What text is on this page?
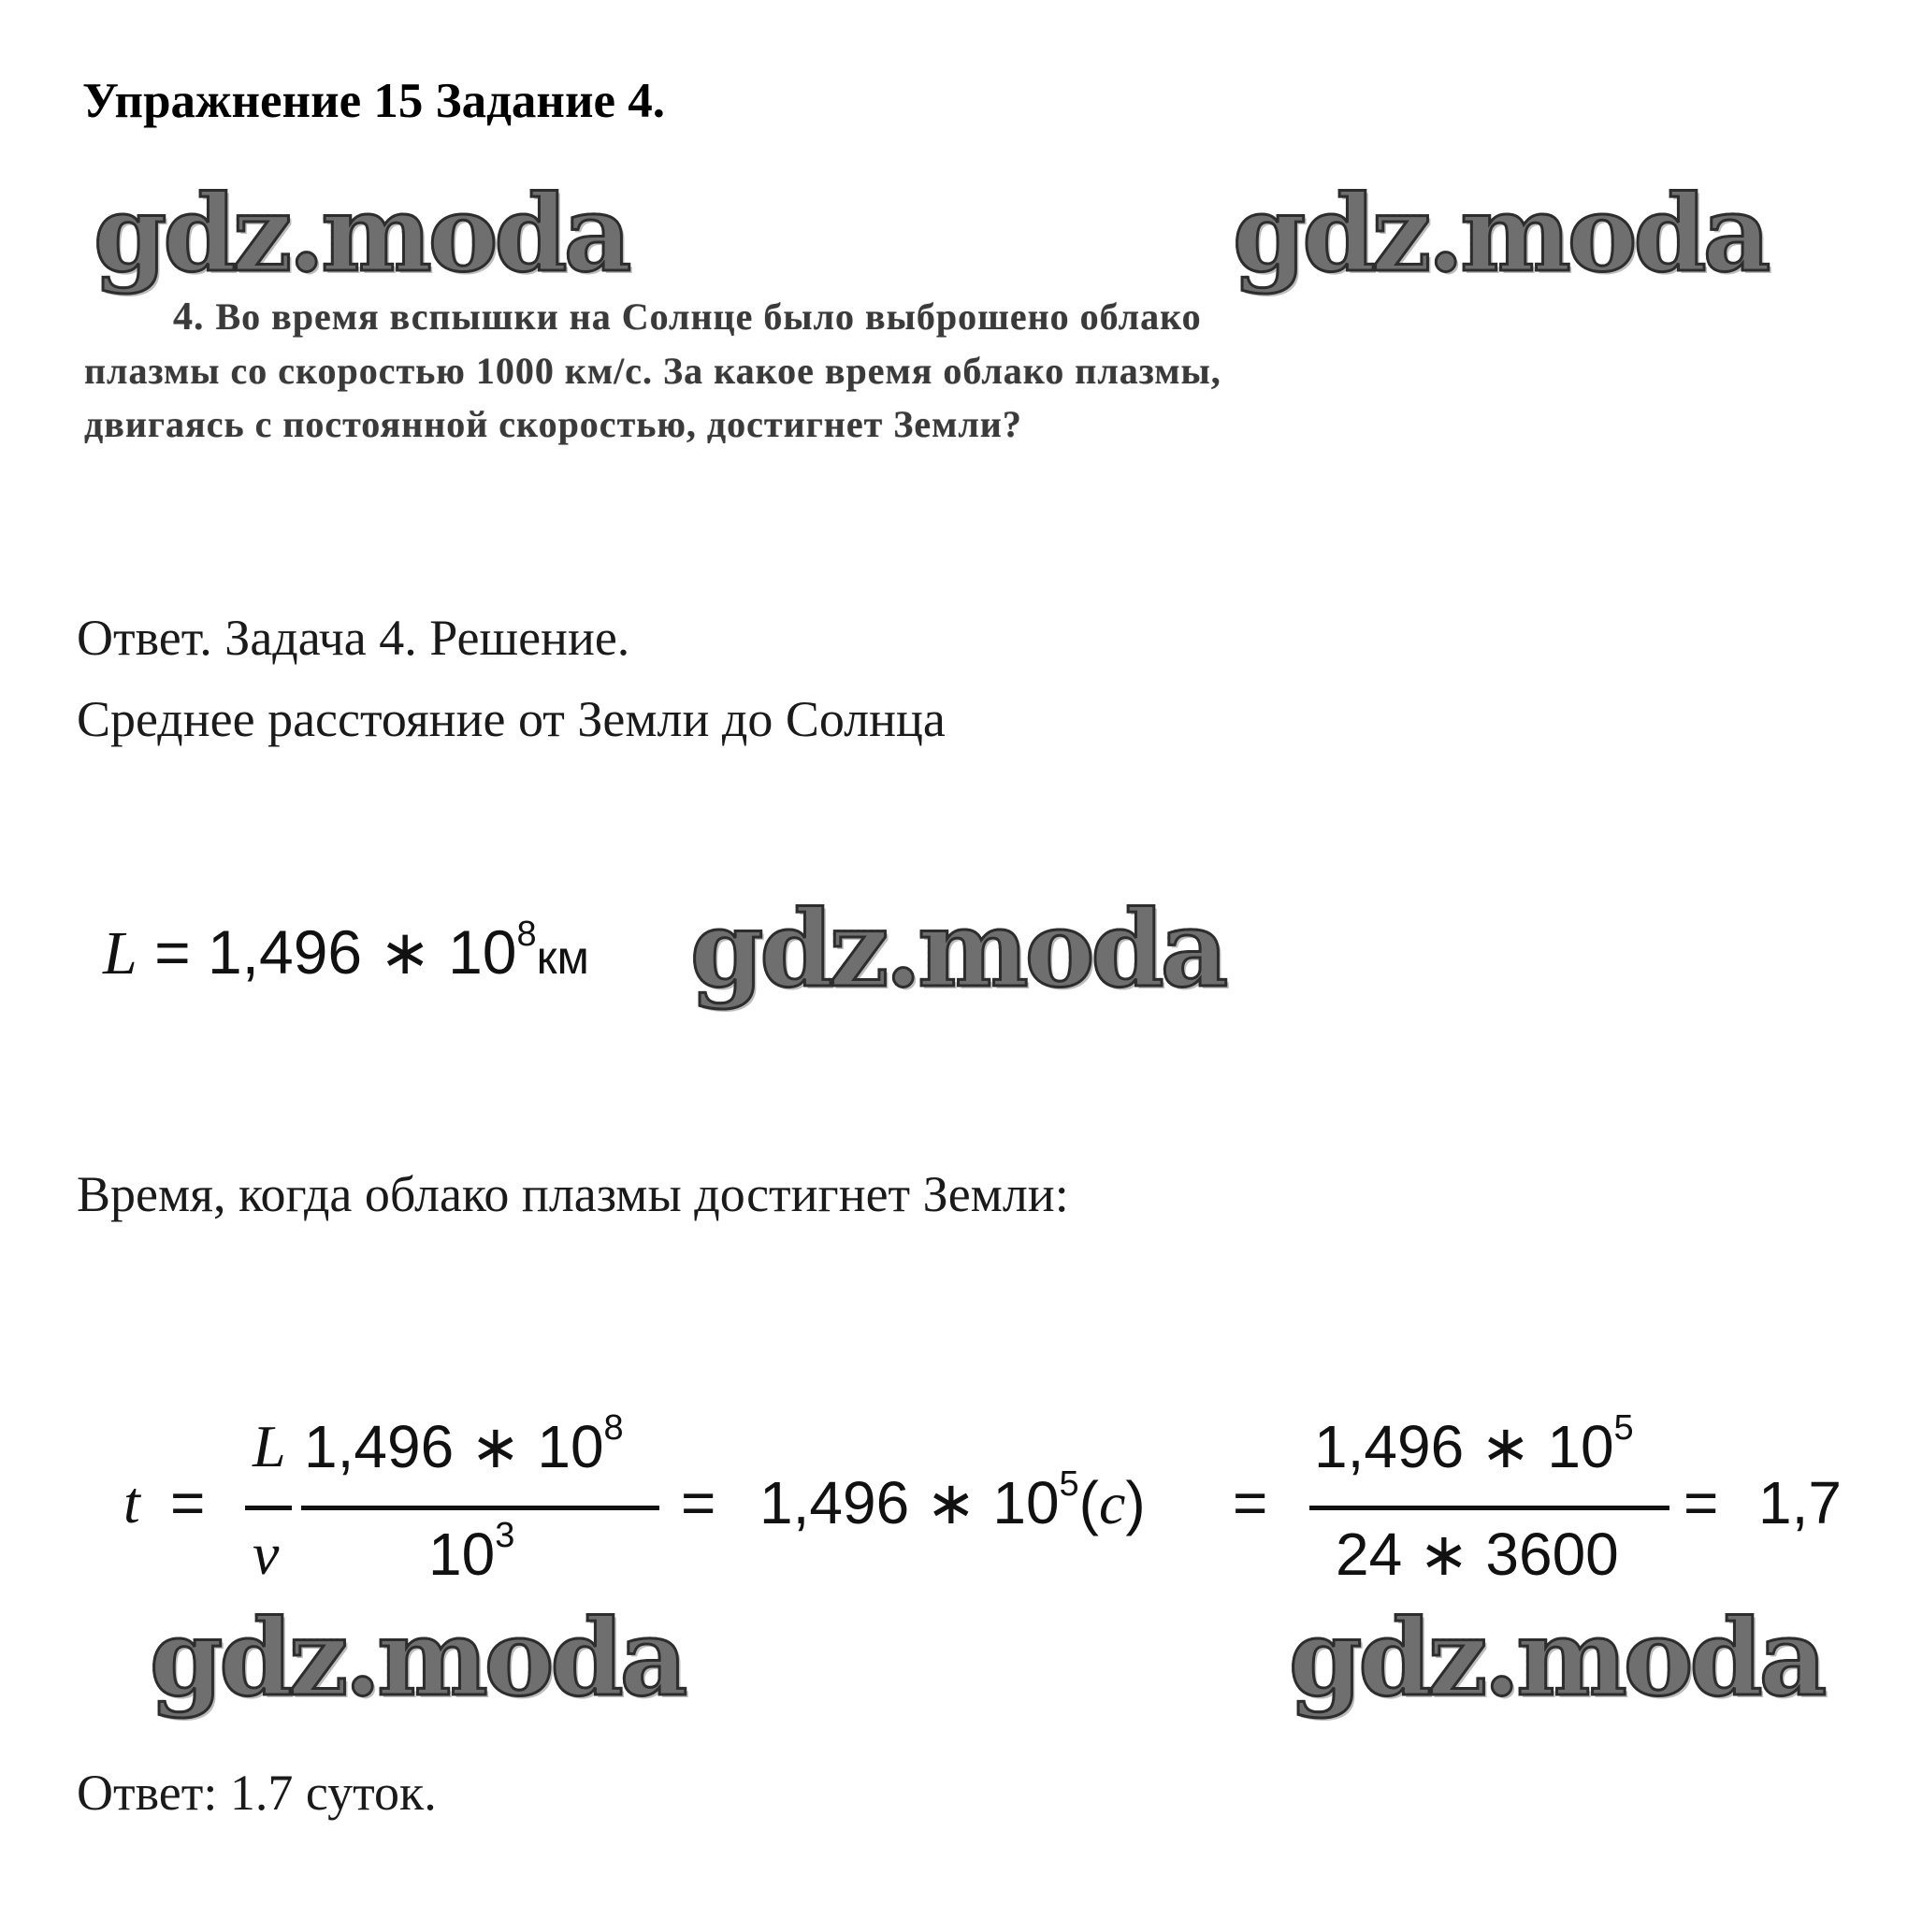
Упражнение 15 Задание 4.
gdz.moda	gdz.moda
4. Во время вспышки на Солнце было выброшено облако
плазмы со скоростью 1000 км/с. За какое время облако плазмы,
двигаясь с постоянной скоростью, достигнет Земли?
Ответ. Задача 4. Решение.
Среднее расстояние от Земли до Солнца
L = 1,496 ∗ $10^8км$ gdz.moda
Время, когда облако плазмы достигнет Земли:
t =
L
v
1,496 ∗ $10^8$
$10^3$	= 1,496 ∗ $10^5(c)$ =
1,496 ∗ $10^5$
24 ∗ 3600
= 1,7
gdz.moda	gdz.moda
Ответ: 1.7 суток.
